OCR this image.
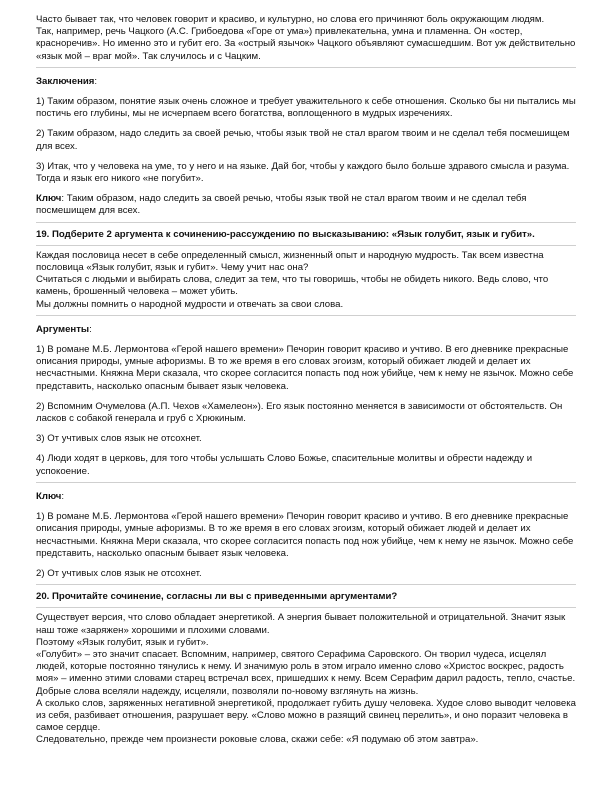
Часто бывает так, что человек говорит и красиво, и культурно, но слова его причиняют боль окружающим людям.

Так, например, речь Чацкого (А.С. Грибоедова «Горе от ума») привлекательна, умна и пламенна. Он «остер, красноречив». Но именно это и губит его. За «острый язычок» Чацкого объявляют сумасшедшим. Вот уж действительно «язык мой – враг мой». Так случилось и с Чацким.

Заключения:

1) Таким образом, понятие язык очень сложное и требует уважительного к себе отношения. Сколько бы ни пытались мы постичь его глубины, мы не исчерпаем всего богатства, воплощенного в мудрых изречениях.

2) Таким образом, надо следить за своей речью, чтобы язык твой не стал врагом твоим и не сделал тебя посмешищем для всех.

3) Итак, что у человека на уме, то у него и на языке. Дай бог, чтобы у каждого было больше здравого смысла и разума. Тогда и язык его никого «не погубит».

Ключ: Таким образом, надо следить за своей речью, чтобы язык твой не стал врагом твоим и не сделал тебя посмешищем для всех.

19. Подберите 2 аргумента к сочинению-рассуждению по высказыванию: «Язык голубит, язык и губит».

Каждая пословица несет в себе определенный смысл, жизненный опыт и народную мудрость. Так всем известна пословица «Язык голубит, язык и губит». Чему учит нас она?

Считаться с людьми и выбирать слова, следит за тем, что ты говоришь, чтобы не обидеть никого. Ведь слово, что камень, брошенный человека – может убить.

Мы должны помнить о народной мудрости и отвечать за свои слова.

Аргументы:

1) В романе М.Б. Лермонтова «Герой нашего времени» Печорин говорит красиво и учтиво. В его дневнике прекрасные описания природы, умные афоризмы. В то же время в его словах эгоизм, который обижает людей и делает их несчастными. Княжна Мери сказала, что скорее согласится попасть под нож убийце, чем к нему не язычок. Можно себе представить, насколько опасным бывает язык человека.

2) Вспомним Очумелова (А.П. Чехов «Хамелеон»). Его язык постоянно меняется в зависимости от обстоятельств. Он ласков с собакой генерала и груб с Хрюкиным.

3) От учтивых слов язык не отсохнет.

4) Люди ходят в церковь, для того чтобы услышать Слово Божье, спасительные молитвы и обрести надежду и успокоение.

Ключ:

1) В романе М.Б. Лермонтова «Герой нашего времени» Печорин говорит красиво и учтиво. В его дневнике прекрасные описания природы, умные афоризмы. В то же время в его словах эгоизм, который обижает людей и делает их несчастными. Княжна Мери сказала, что скорее согласится попасть под нож убийце, чем к нему не язычок. Можно себе представить, насколько опасным бывает язык человека.

2) От учтивых слов язык не отсохнет.

20. Прочитайте сочинение, согласны ли вы с приведенными аргументами?

Существует версия, что слово обладает энергетикой. А энергия бывает положительной и отрицательной. Значит язык наш тоже «заряжен» хорошими и плохими словами.

Поэтому «Язык голубит, язык и губит».

«Голубит» – это значит спасает. Вспомним, например, святого Серафима Саровского. Он творил чудеса, исцелял людей, которые постоянно тянулись к нему. И значимую роль в этом играло именно слово «Христос воскрес, радость моя» – именно этими словами старец встречал всех, пришедших к нему. Всем Серафим дарил радость, тепло, счастье. Добрые слова вселяли надежду, исцеляли, позволяли по-новому взглянуть на жизнь.

А сколько слов, заряженных негативной энергетикой, продолжает губить душу человека. Худое слово выводит человека из себя, разбивает отношения, разрушает веру. «Слово можно в разящий свинец перелить», и оно поразит человека в самое сердце.

Следовательно, прежде чем произнести роковые слова, скажи себе: «Я подумаю об этом завтра».
